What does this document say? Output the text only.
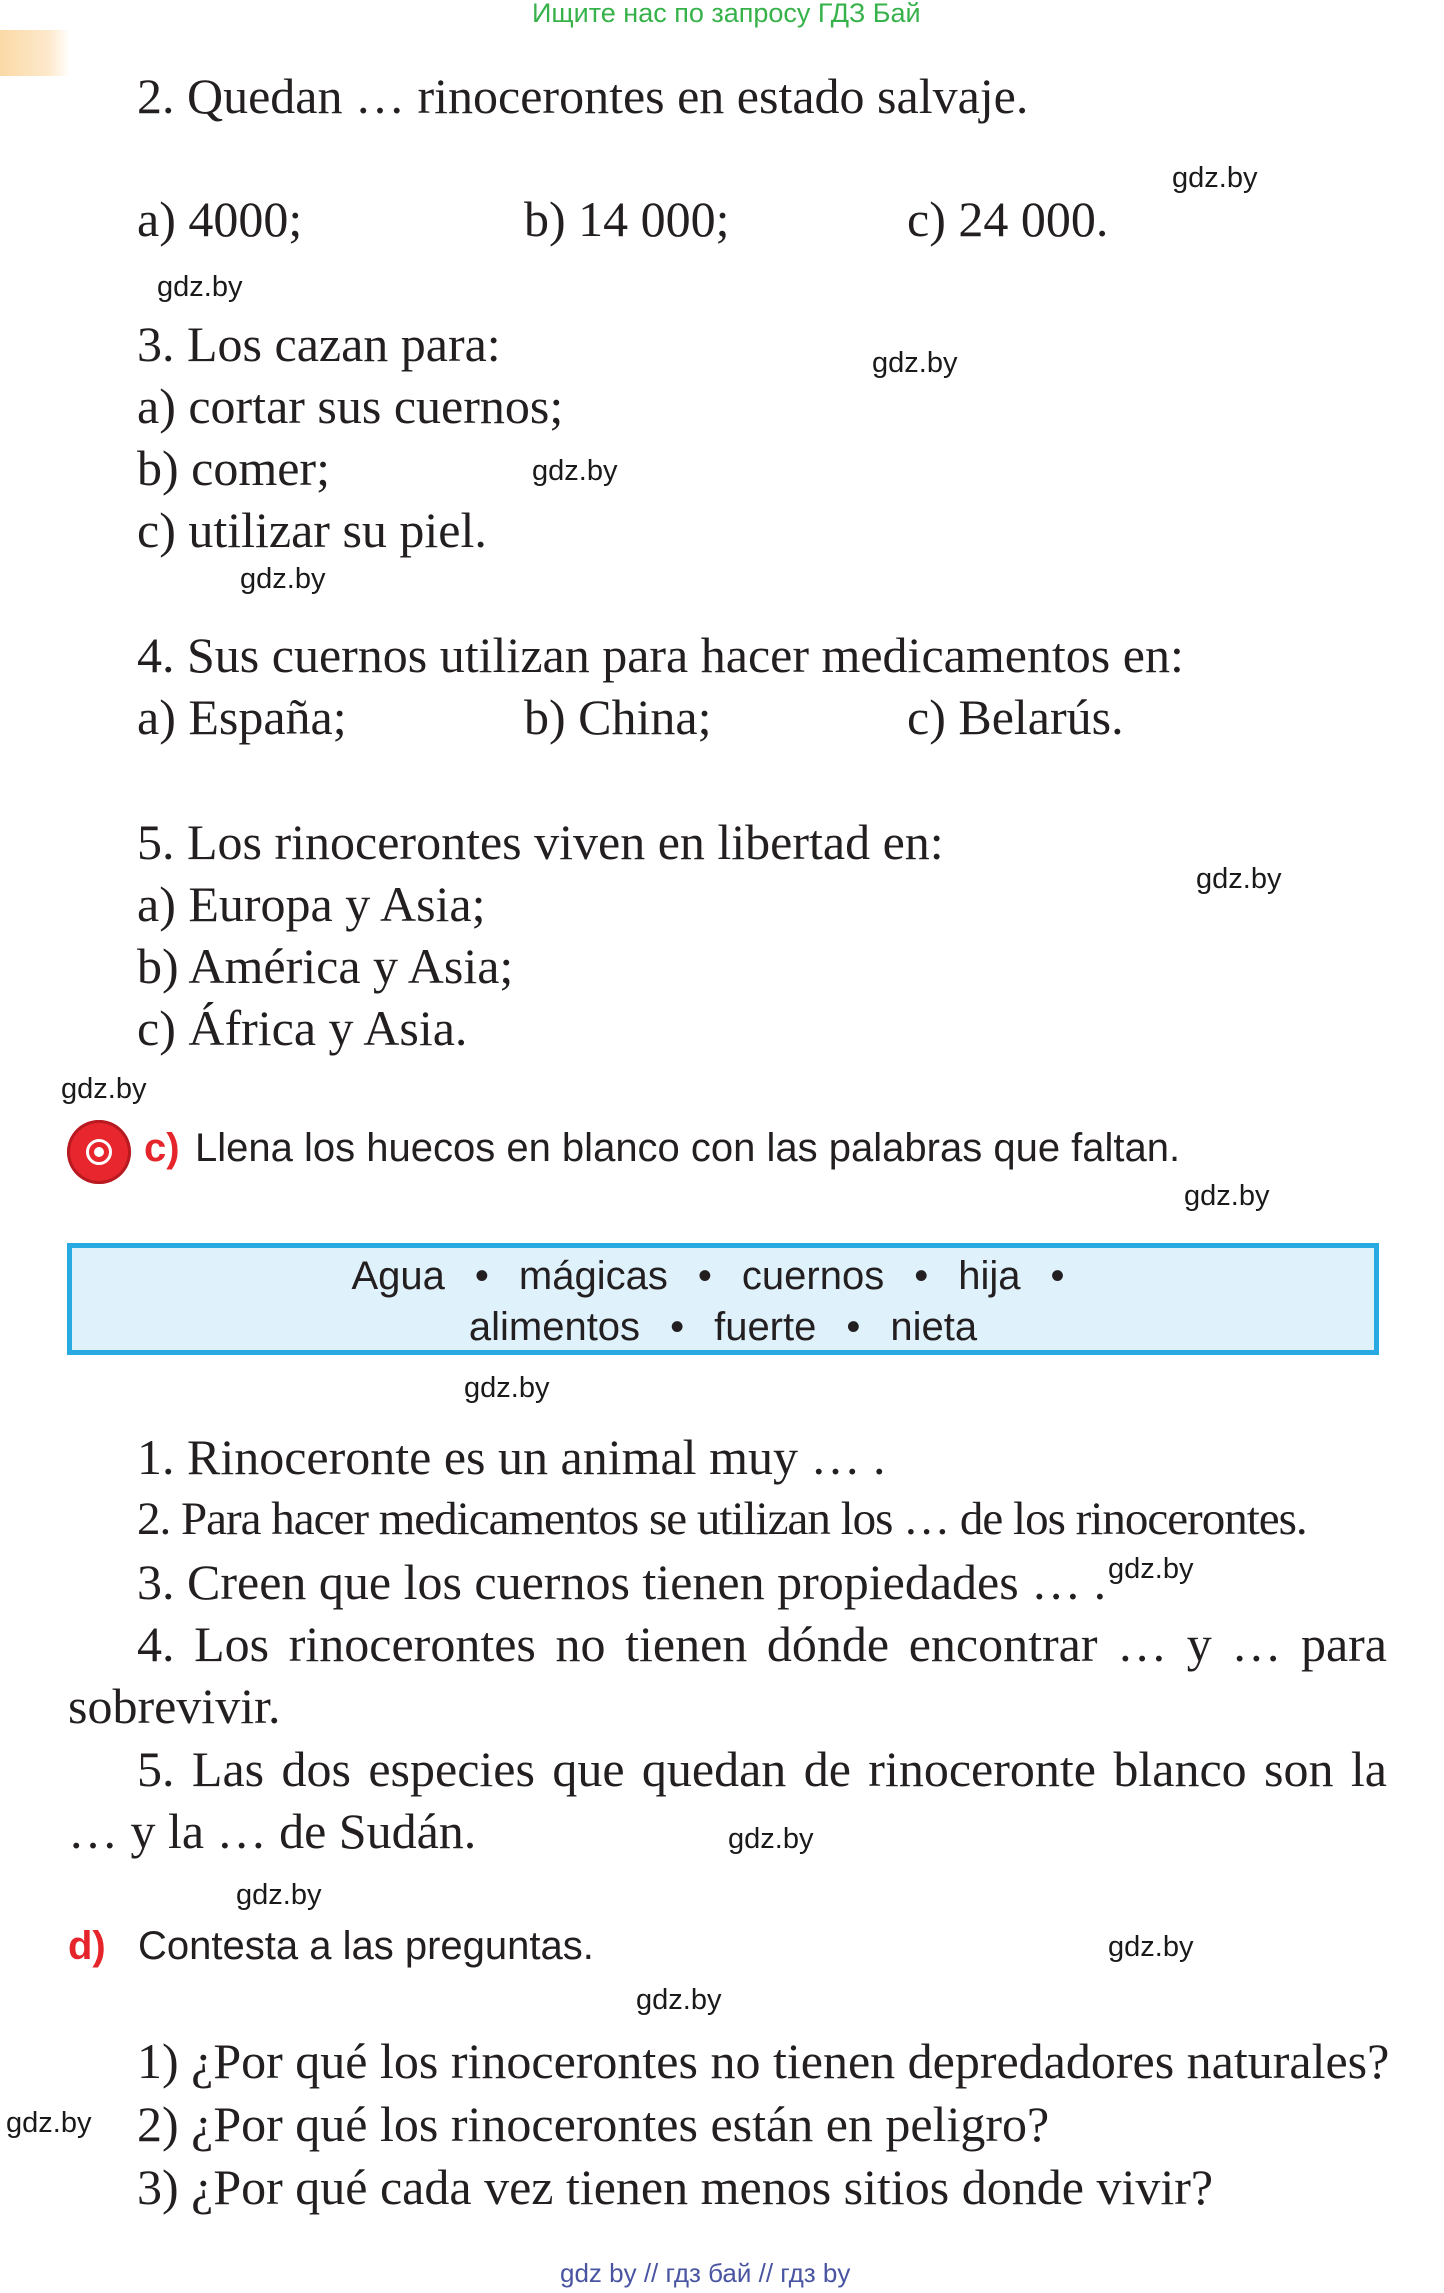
Ищите нас по запросу ГДЗ Бай
2. Quedan … rinocerontes en estado salvaje.
a) 4000;	b) 14 000;	c) 24 000.
3. Los cazan para:
a) cortar sus cuernos;
b) comer;
c) utilizar su piel.
4. Sus cuernos utilizan para hacer medicamentos en:
a) España;	b) China;	c) Belarús.
5. Los rinocerontes viven en libertad en:
a) Europa y Asia;
b) América y Asia;
c) África y Asia.
c) Llena los huecos en blanco con las palabras que faltan.
Agua • mágicas • cuernos • hija •
alimentos • fuerte • nieta
1. Rinoceronte es un animal muy … .
2. Para hacer medicamentos se utilizan los … de los rinocerontes.
3. Creen que los cuernos tienen propiedades … .
4. Los rinocerontes no tienen dónde encontrar … y … para
sobrevivir.
5. Las dos especies que quedan de rinoceronte blanco son la
… y la … de Sudán.
d) Contesta a las preguntas.
1) ¿Por qué los rinocerontes no tienen depredadores naturales?
2) ¿Por qué los rinocerontes están en peligro?
3) ¿Por qué cada vez tienen menos sitios donde vivir?
gdz.by
gdz.by
gdz.by
gdz.by
gdz.by
gdz.by
gdz.by
gdz.by
gdz.by
gdz.by
gdz.by
gdz.by
gdz.by
gdz.by
gdz.by
gdz by // гдз бай // гдз by
